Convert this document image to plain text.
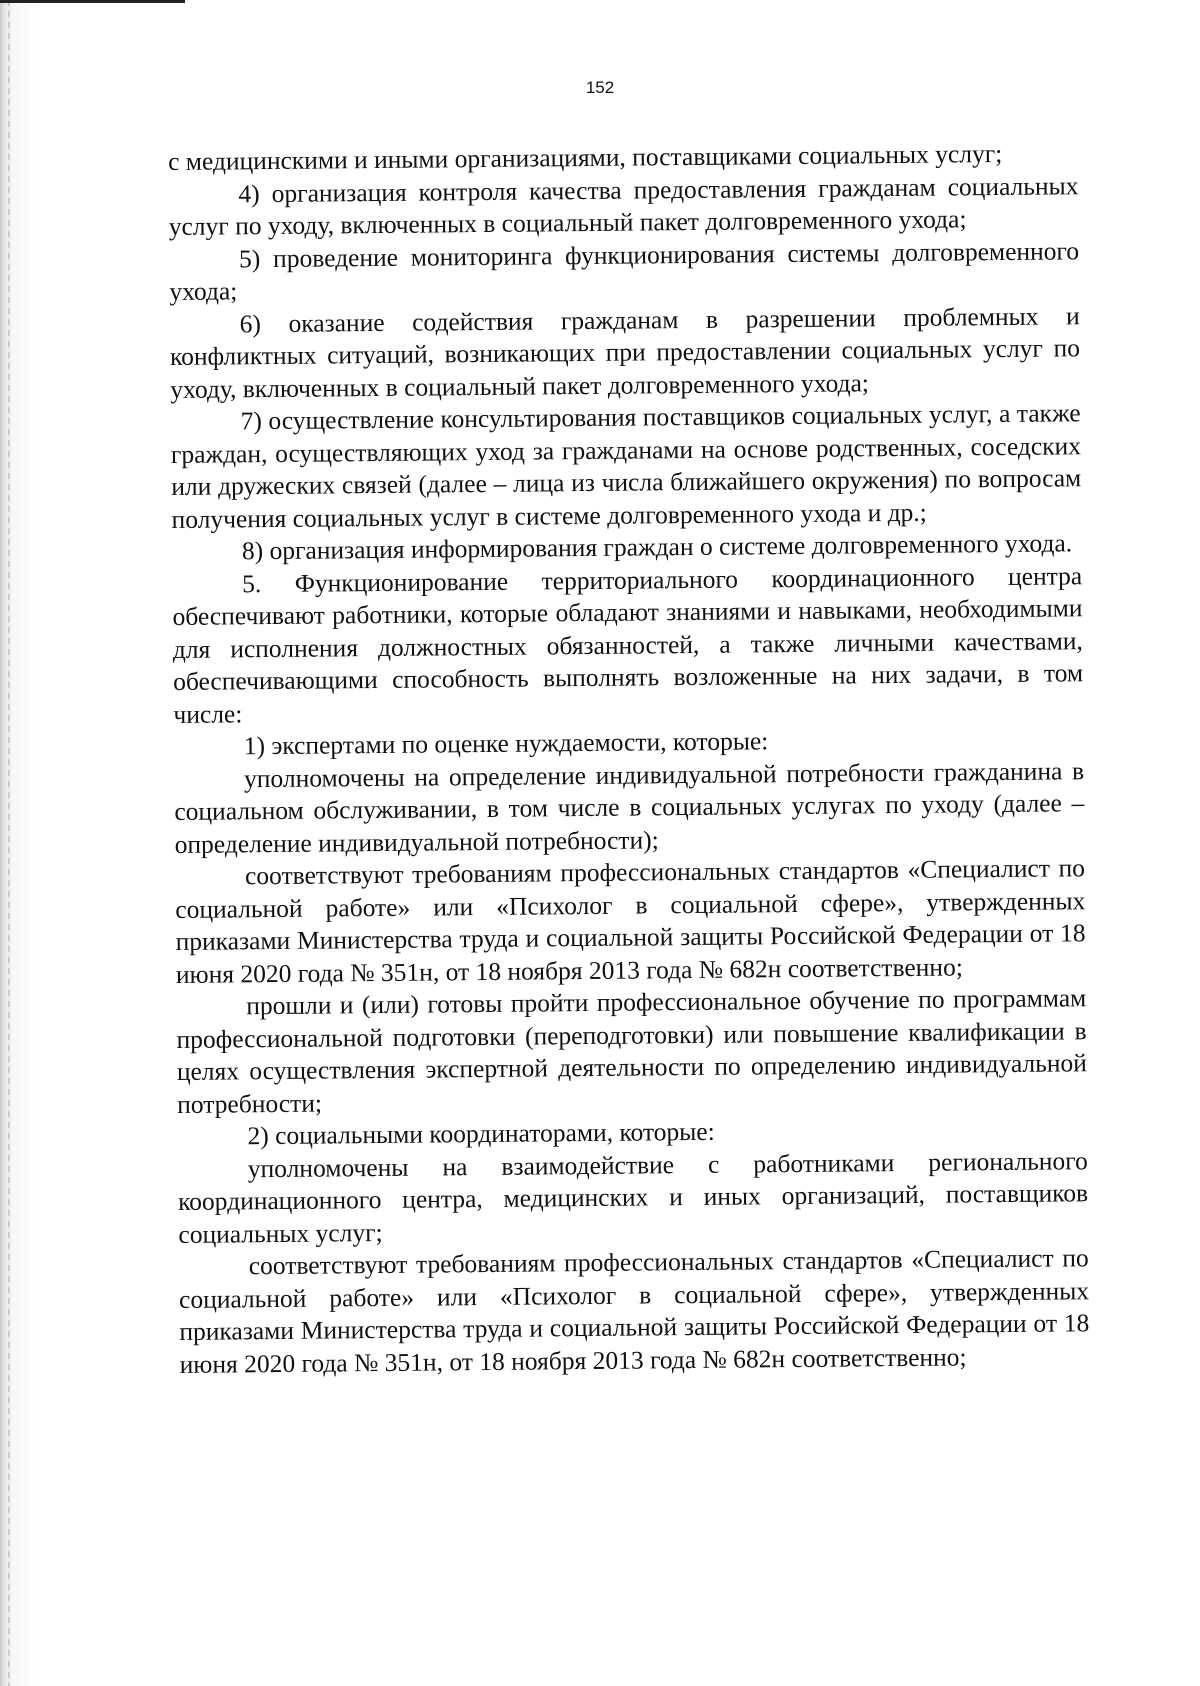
152

с медицинскими и иными организациями, поставщиками социальных услуг;

4) организация контроля качества предоставления гражданам социальных услуг по уходу, включенных в социальный пакет долговременного ухода;

5) проведение мониторинга функционирования системы долговременного ухода;

6) оказание содействия гражданам в разрешении проблемных и конфликтных ситуаций, возникающих при предоставлении социальных услуг по уходу, включенных в социальный пакет долговременного ухода;

7) осуществление консультирования поставщиков социальных услуг, а также граждан, осуществляющих уход за гражданами на основе родственных, соседских или дружеских связей (далее – лица из числа ближайшего окружения) по вопросам получения социальных услуг в системе долговременного ухода и др.;

8) организация информирования граждан о системе долговременного ухода.

5. Функционирование территориального координационного центра обеспечивают работники, которые обладают знаниями и навыками, необходимыми для исполнения должностных обязанностей, а также личными качествами, обеспечивающими способность выполнять возложенные на них задачи, в том числе:

1) экспертами по оценке нуждаемости, которые:

уполномочены на определение индивидуальной потребности гражданина в социальном обслуживании, в том числе в социальных услугах по уходу (далее – определение индивидуальной потребности);

соответствуют требованиям профессиональных стандартов «Специалист по социальной работе» или «Психолог в социальной сфере», утвержденных приказами Министерства труда и социальной защиты Российской Федерации от 18 июня 2020 года № 351н, от 18 ноября 2013 года № 682н соответственно;

прошли и (или) готовы пройти профессиональное обучение по программам профессиональной подготовки (переподготовки) или повышение квалификации в целях осуществления экспертной деятельности по определению индивидуальной потребности;

2) социальными координаторами, которые:

уполномочены на взаимодействие с работниками регионального координационного центра, медицинских и иных организаций, поставщиков социальных услуг;

соответствуют требованиям профессиональных стандартов «Специалист по социальной работе» или «Психолог в социальной сфере», утвержденных приказами Министерства труда и социальной защиты Российской Федерации от 18 июня 2020 года № 351н, от 18 ноября 2013 года № 682н соответственно;
